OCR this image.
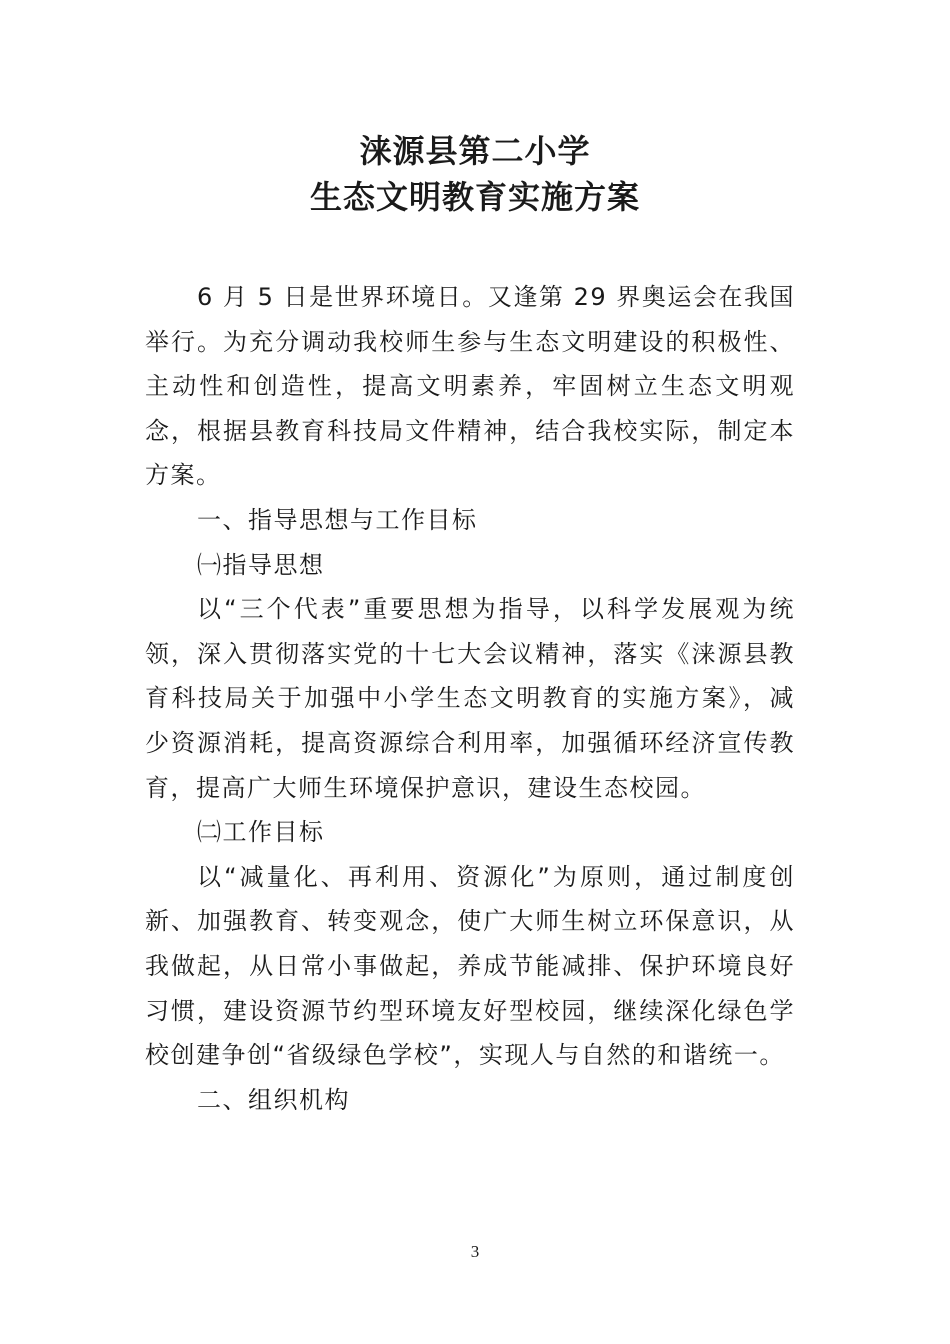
涞源县第二小学
生态文明教育实施方案

6 月 5 日是世界环境日。又逢第 29 界奥运会在我国举行。为充分调动我校师生参与生态文明建设的积极性、主动性和创造性，提高文明素养，牢固树立生态文明观念，根据县教育科技局文件精神，结合我校实际，制定本方案。

一、指导思想与工作目标

㈠指导思想

以“三个代表”重要思想为指导，以科学发展观为统领，深入贯彻落实党的十七大会议精神，落实《涞源县教育科技局关于加强中小学生态文明教育的实施方案》，减少资源消耗，提高资源综合利用率，加强循环经济宣传教育，提高广大师生环境保护意识，建设生态校园。

㈡工作目标

以“减量化、再利用、资源化”为原则，通过制度创新、加强教育、转变观念，使广大师生树立环保意识，从我做起，从日常小事做起，养成节能减排、保护环境良好习惯，建设资源节约型环境友好型校园，继续深化绿色学校创建争创“省级绿色学校”，实现人与自然的和谐统一。

二、组织机构

3
